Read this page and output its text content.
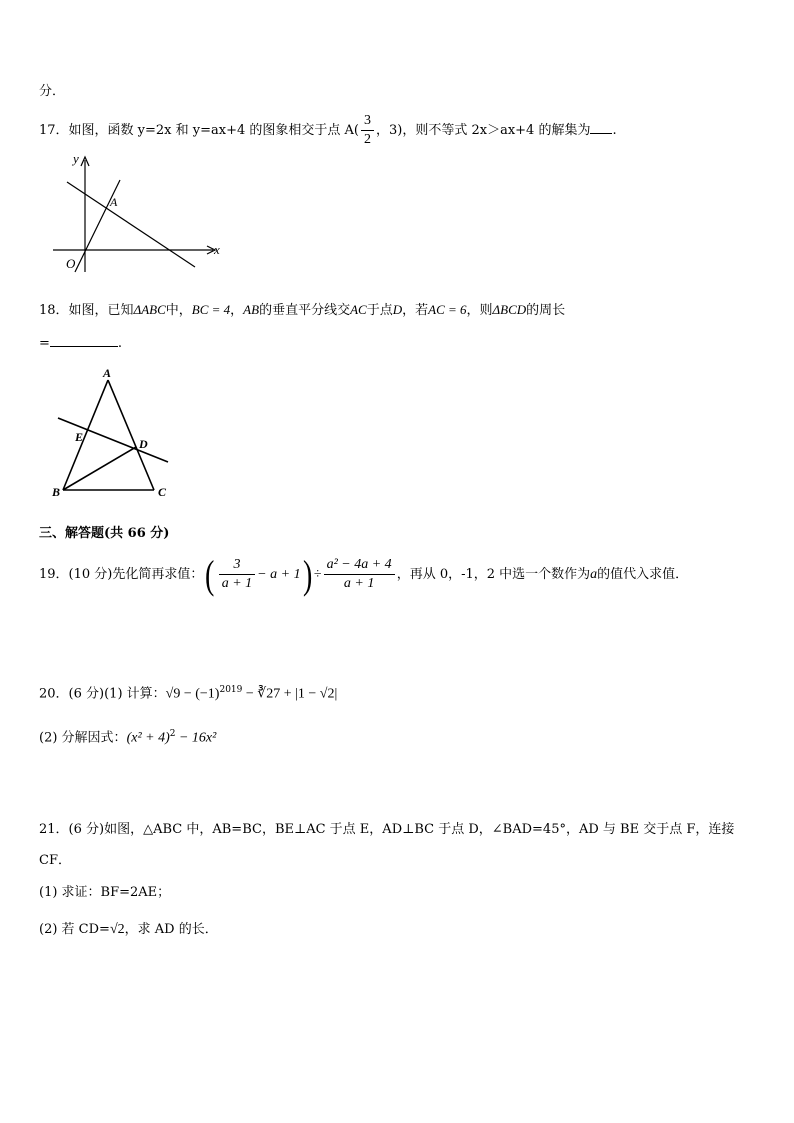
分．
17．如图，函数 y=2x 和 y=ax+4 的图象相交于点 $A( \frac{3}{2}$ ，3)，则不等式 2x＞ax+4 的解集为 .
y
x
O
A
18．如图，已知ΔABC中，BC = 4，AB的垂直平分线交AC于点D，若AC = 6，则ΔBCD的周长
=	.
A
B	C
D
E
三、解答题(共 66 分)
19．(10 分)先化简再求值：( $\frac{3}{a + 1} - a + 1) \div \frac{\text{a² − 4a + 4}}{a + 1}$ ，再从 0，-1，2 中选一个数作为a的值代入求值．
20．(6 分)(1) 计算：$√9 - (-1)^{2019}$ − ∛27 + |1 − √2|
(2) 分解因式：$(x^2 + 4)^2 - 16x^2$
21．(6 分)如图，△ABC 中，AB=BC，BE⊥AC 于点 E，AD⊥BC 于点 D，∠BAD=45°，AD 与 BE 交于点 F，连接
CF．
(1) 求证：BF=2AE；
(2) 若 CD=√2，求 AD 的长．
